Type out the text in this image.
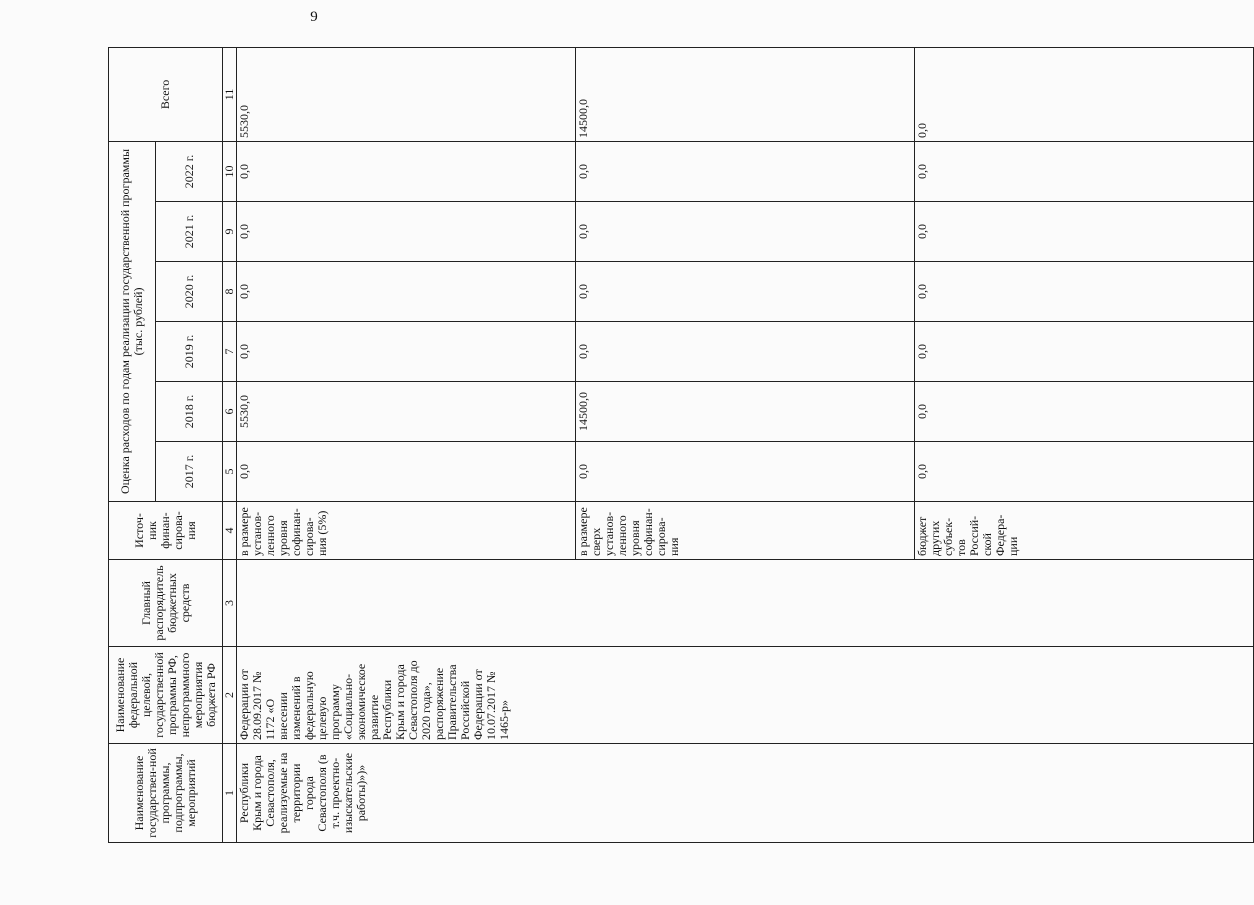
9
Наименование государствен-ной программы, подпрограммы, мероприятий	Наименование федеральной целевой, государственной программы РФ, непрограммного мероприятия бюджета РФ	Главный распорядитель бюджетных средств	Источ-ник финан-сирова-ния	Оценка расходов по годам реализации государственной программы (тыс. рублей)						Всего
				2017 г.	2018 г.	2019 г.	2020 г.	2021 г.	2022 г.	
1	2	3	4	5	6	7	8	9	10	11
Республики Крым и города Севастополя, реализуемые на территории города Севастополя (в т.ч. проектно-изыскательские работы)»)»	Федерации от 28.09.2017 № 1172 «О внесении изменений в федеральную целевую программу «Социально-экономическое развитие Республики Крым и города Севастополя до 2020 года», распоряжение Правительства Российской Федерации от 10.07.2017 № 1465-р»		в размере установ-ленного уровня софинан-сирова-ния (5%)	0,0	5530,0	0,0	0,0	0,0	0,0	5530,0
			в размере сверх установ-ленного уровня софинан-сирова-ния	0,0	14500,0	0,0	0,0	0,0	0,0	14500,0
			бюджет других субъек-тов Россий-ской Федера-ции	0,0	0,0	0,0	0,0	0,0	0,0	0,0
